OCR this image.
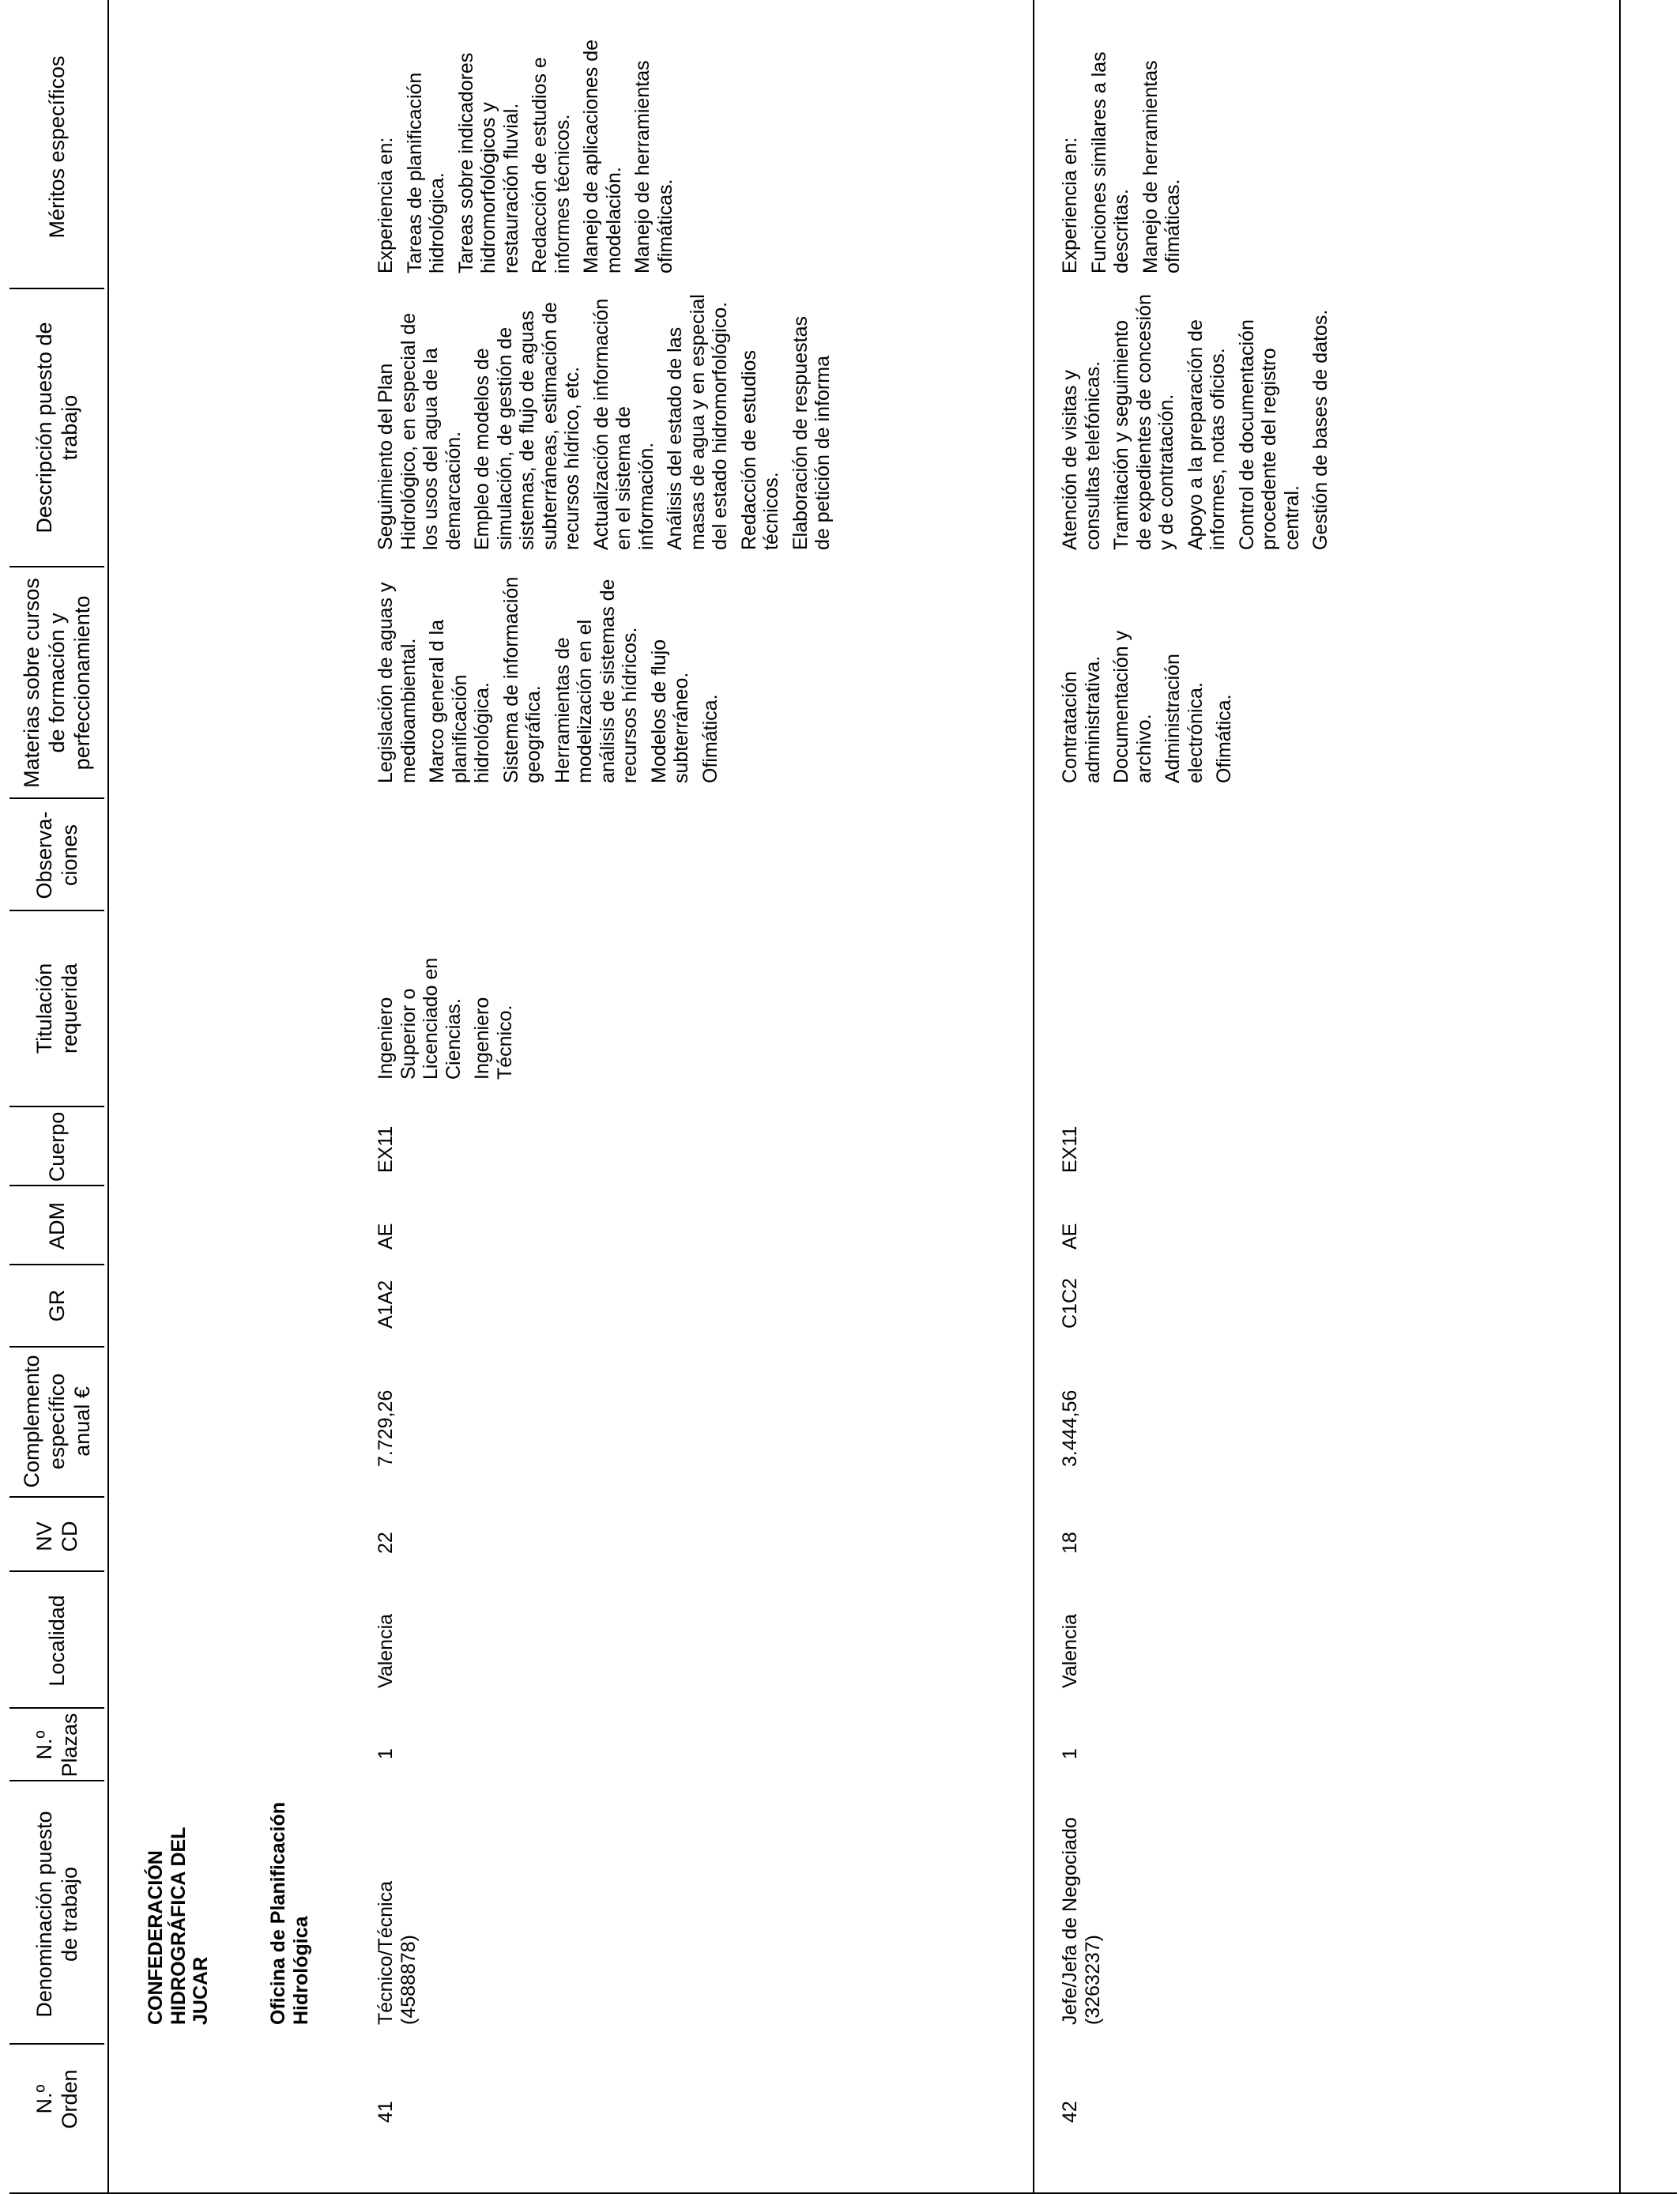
N.º Orden
Denominación puesto de trabajo
N.º Plazas
Localidad
NV CD
Complemento específico anual €
GR
ADM
Cuerpo
Titulación requerida
Observa-ciones
Materias sobre cursos de formación y perfeccionamiento
Descripción puesto de trabajo
Méritos específicos
CONFEDERACIÓN HIDROGRÁFICA DEL JUCAR	Oficina de Planificación Hidrológica
41
Técnico/Técnica (4588878)
1
Valencia
22
7.729,26
A1A2
AE
EX11

Ingeniero Superior o Licenciado en Ciencias. Ingeniero Técnico.

Legislación de aguas y medioambiental. Marco general d la planificación hidrológica. Sistema de información geográfica. Herramientas de modelización en el análisis de sistemas de recursos hídricos. Modelos de flujo subterráneo. Ofimática.

Seguimiento del Plan Hidrológico, en especial de los usos del agua de la demarcación. Empleo de modelos de simulación, de gestión de sistemas, de flujo de aguas subterráneas, estimación de recursos hídrico, etc. Actualización de información en el sistema de información. Análisis del estado de las masas de agua y en especial del estado hidromorfológico. Redacción de estudios técnicos. Elaboración de respuestas de petición de informa

Experiencia en: Tareas de planificación hidrológica. Tareas sobre indicadores hidromorfológicos y restauración fluvial. Redacción de estudios e informes técnicos. Manejo de aplicaciones de modelación. Manejo de herramientas ofimáticas.

42
Jefe/Jefa de Negociado (3263237)
1
Valencia
18
3.444,56
C1C2
AE
EX11

Contratación administrativa. Documentación y archivo. Administración electrónica. Ofimática.

Atención de visitas y consultas telefónicas. Tramitación y seguimiento de expedientes de concesión y de contratación. Apoyo a la preparación de informes, notas oficios. Control de documentación procedente del registro central. Gestión de bases de datos.

Experiencia en: Funciones similares a las descritas. Manejo de herramientas ofimáticas.
